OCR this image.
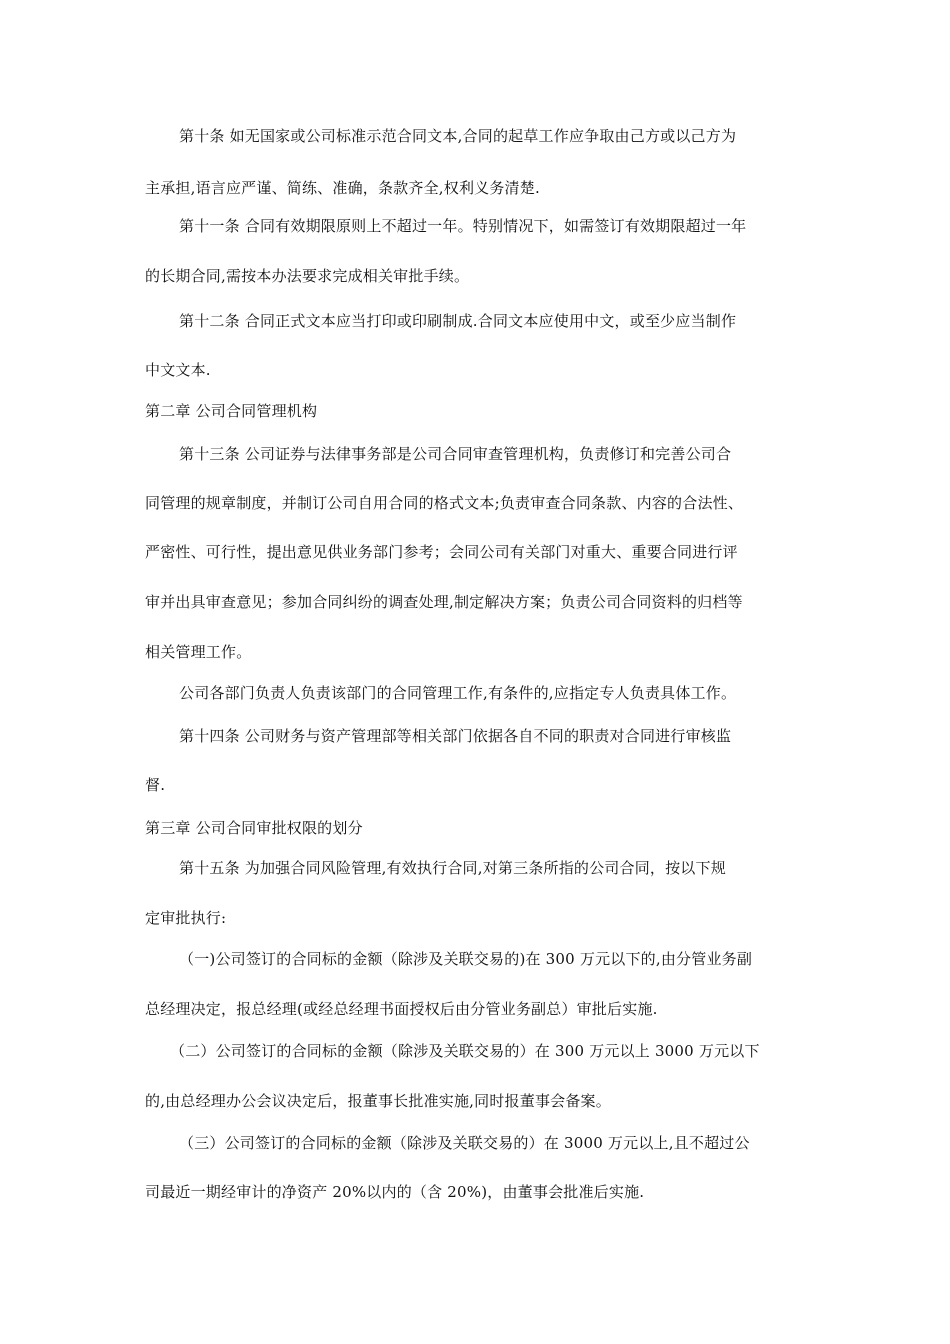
第十条 如无国家或公司标准示范合同文本,合同的起草工作应争取由己方或以己方为
主承担,语言应严谨、简练、准确，条款齐全,权利义务清楚.
第十一条 合同有效期限原则上不超过一年。特别情况下，如需签订有效期限超过一年
的长期合同,需按本办法要求完成相关审批手续。
第十二条 合同正式文本应当打印或印刷制成.合同文本应使用中文，或至少应当制作
中文文本.
第二章 公司合同管理机构
第十三条 公司证券与法律事务部是公司合同审查管理机构，负责修订和完善公司合
同管理的规章制度，并制订公司自用合同的格式文本;负责审查合同条款、内容的合法性、
严密性、可行性，提出意见供业务部门参考；会同公司有关部门对重大、重要合同进行评
审并出具审查意见；参加合同纠纷的调查处理,制定解决方案；负责公司合同资料的归档等
相关管理工作。
公司各部门负责人负责该部门的合同管理工作,有条件的,应指定专人负责具体工作。
第十四条 公司财务与资产管理部等相关部门依据各自不同的职责对合同进行审核监
督.
第三章 公司合同审批权限的划分
第十五条 为加强合同风险管理,有效执行合同,对第三条所指的公司合同，按以下规
定审批执行:
（一)公司签订的合同标的金额（除涉及关联交易的)在 300 万元以下的,由分管业务副
总经理决定，报总经理(或经总经理书面授权后由分管业务副总）审批后实施.
（二）公司签订的合同标的金额（除涉及关联交易的）在 300 万元以上 3000 万元以下
的,由总经理办公会议决定后，报董事长批准实施,同时报董事会备案。
（三）公司签订的合同标的金额（除涉及关联交易的）在 3000 万元以上,且不超过公
司最近一期经审计的净资产 20%以内的（含 20%)，由董事会批准后实施.
